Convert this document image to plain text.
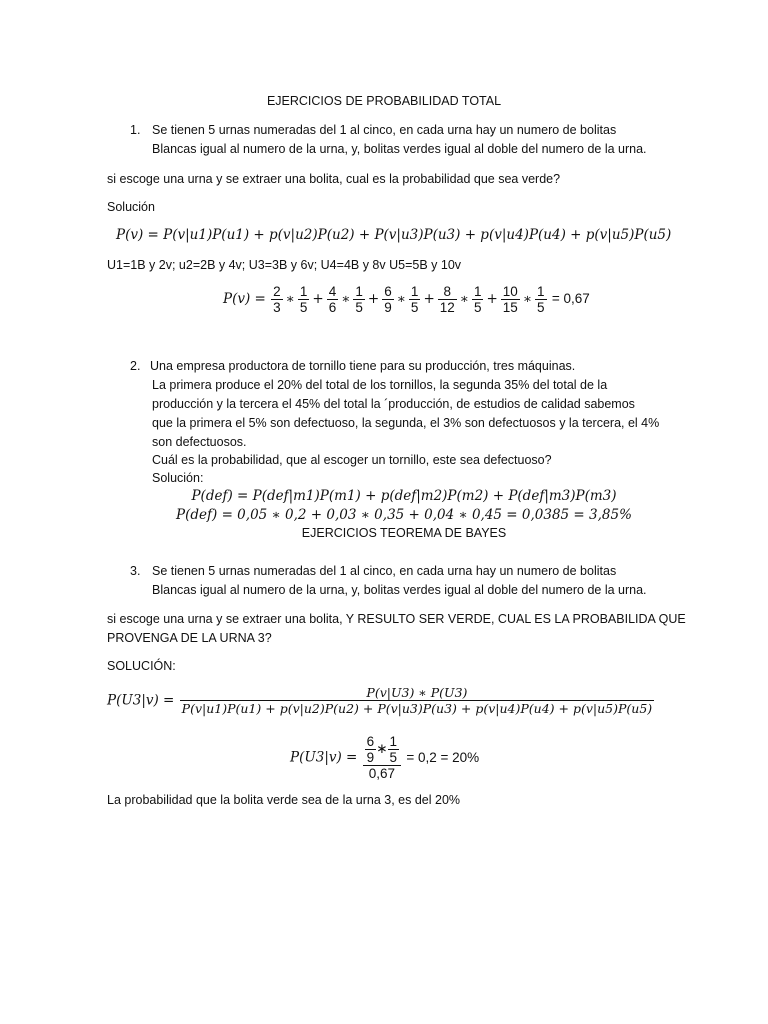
EJERCICIOS DE PROBABILIDAD TOTAL
1. Se tienen 5 urnas numeradas del 1 al cinco, en cada urna hay un numero de bolitas
Blancas igual al numero de la urna, y, bolitas verdes igual al doble del numero de la urna.
si escoge una urna y se extraer una bolita, cual es la probabilidad que sea verde?
Solución
P(v) = P(v|u1)P(u1) + p(v|u2)P(u2) + P(v|u3)P(u3) + p(v|u4)P(u4) + p(v|u5)P(u5)
U1=1B y 2v; u2=2B y 4v; U3=3B y 6v; U4=4B y 8v U5=5B y 10v
$P(v) = \frac{2}{3}$ ∗ $\frac{1}{5} + \frac{4}{6}$ ∗ $\frac{1}{5} + \frac{6}{9}$ ∗ $\frac{1}{5} + \frac{8}{12}$ ∗ $\frac{1}{5} + \frac{10}{15}$ ∗ $\frac{1}{5} = 0,67$
2. Una empresa productora de tornillo tiene para su producción, tres máquinas.
La primera produce el 20% del total de los tornillos, la segunda 35% del total de la
producción y la tercera el 45% del total la ´producción, de estudios de calidad sabemos
que la primera el 5% son defectuoso, la segunda, el 3% son defectuosos y la tercera, el 4%
son defectuosos.
Cuál es la probabilidad, que al escoger un tornillo, este sea defectuoso?
Solución:
P(def) = P(def|m1)P(m1) + p(def|m2)P(m2) + P(def|m3)P(m3)
P(def) = 0,05 ∗ 0,2 + 0,03 ∗ 0,35 + 0,04 ∗ 0,45 = 0,0385 = 3,85%
EJERCICIOS TEOREMA DE BAYES
3. Se tienen 5 urnas numeradas del 1 al cinco, en cada urna hay un numero de bolitas
Blancas igual al numero de la urna, y, bolitas verdes igual al doble del numero de la urna.
si escoge una urna y se extraer una bolita, Y RESULTO SER VERDE, CUAL ES LA PROBABILIDA QUE
PROVENGA DE LA URNA 3?
SOLUCIÓN:
P(U3|v) =	P(v|U3) ∗ P(U3)
P(v|u1)P(u1) + p(v|u2)P(u2) + P(v|u3)P(u3) + p(v|u4)P(u4) + p(v|u5)P(u5)
$P(U3|v) = \frac{\frac{6}{9} ∗ \frac{1}{5}}{0,67} = 0,2 = 20\%$
La probabilidad que la bolita verde sea de la urna 3, es del 20%
